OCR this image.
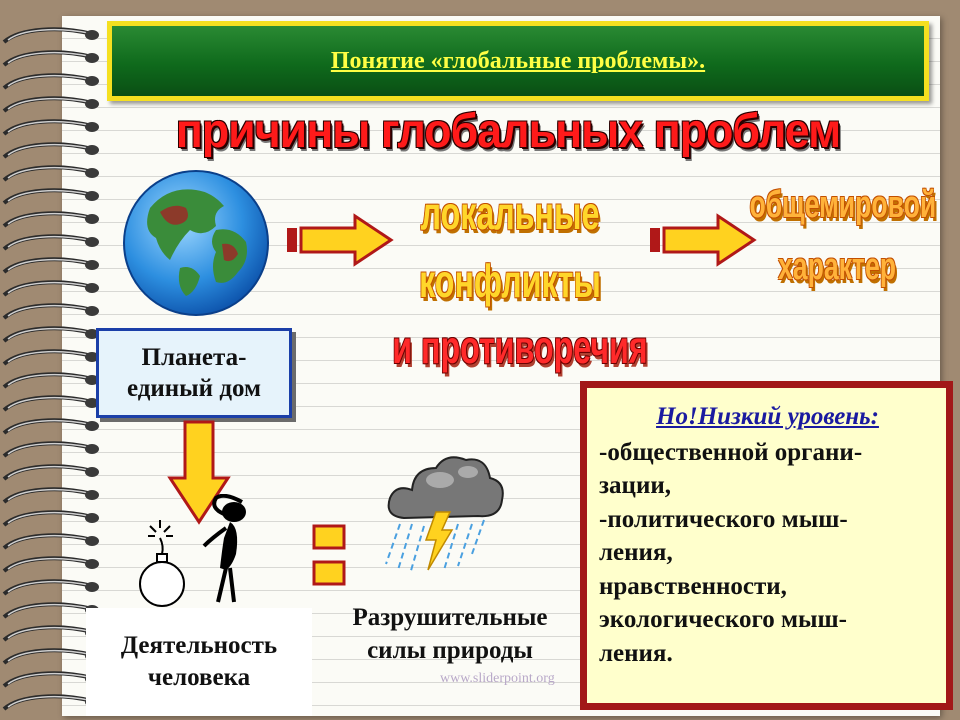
Понятие «глобальные проблемы».
причины глобальных проблем
локальные
конфликты
и противоречия
общемировой
характер
Планета-
единый дом
Деятельность
человека
Разрушительные
силы природы
www.sliderpoint.org
Но!Низкий уровень:
-общественной органи-
зации,
-политического мыш-
ления,
нравственности,
экологического мыш-
ления.
